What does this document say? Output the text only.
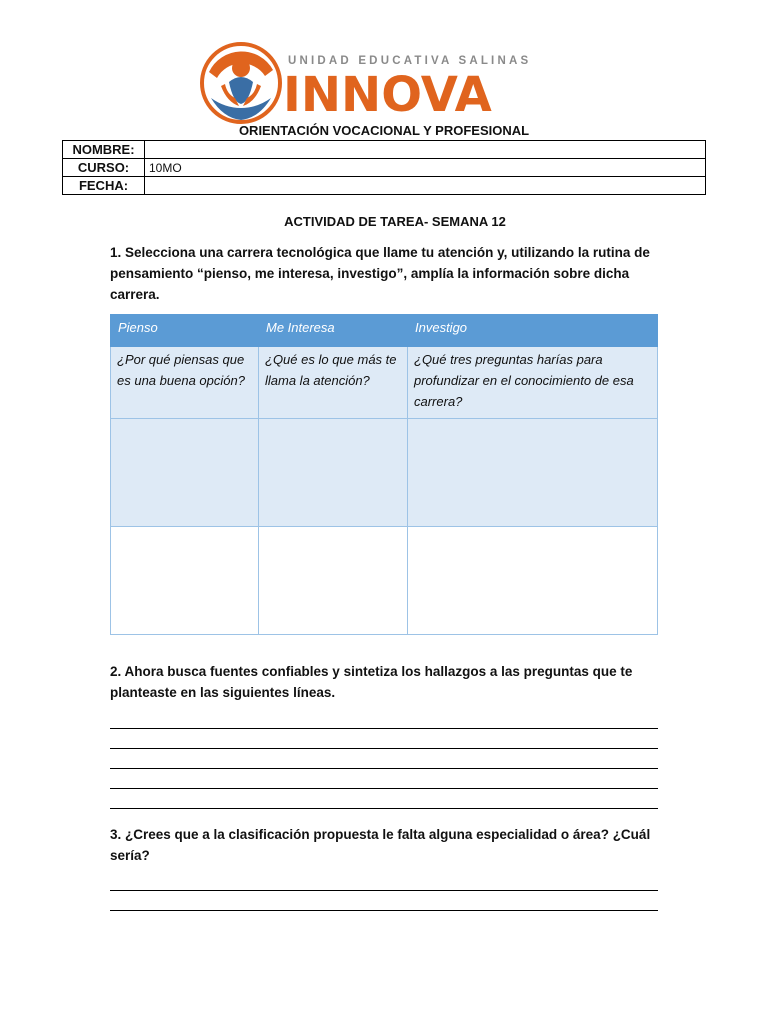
UNIDAD EDUCATIVA SALINAS
INNOVA
ORIENTACIÓN VOCACIONAL Y PROFESIONAL
NOMBRE:	
CURSO:	10MO
FECHA:	
ACTIVIDAD DE TAREA- SEMANA 12
1. Selecciona una carrera tecnológica que llame tu atención y, utilizando la rutina de pensamiento “pienso, me interesa, investigo”, amplía la información sobre dicha carrera.
Pienso	Me Interesa	Investigo
¿Por qué piensas que es una buena opción?	¿Qué es lo que más te llama la atención?	¿Qué tres preguntas harías para profundizar en el conocimiento de esa carrera?

2. Ahora busca fuentes confiables y sintetiza los hallazgos a las preguntas que te planteaste en las siguientes líneas.
3. ¿Crees que a la clasificación propuesta le falta alguna especialidad o área? ¿Cuál sería?
